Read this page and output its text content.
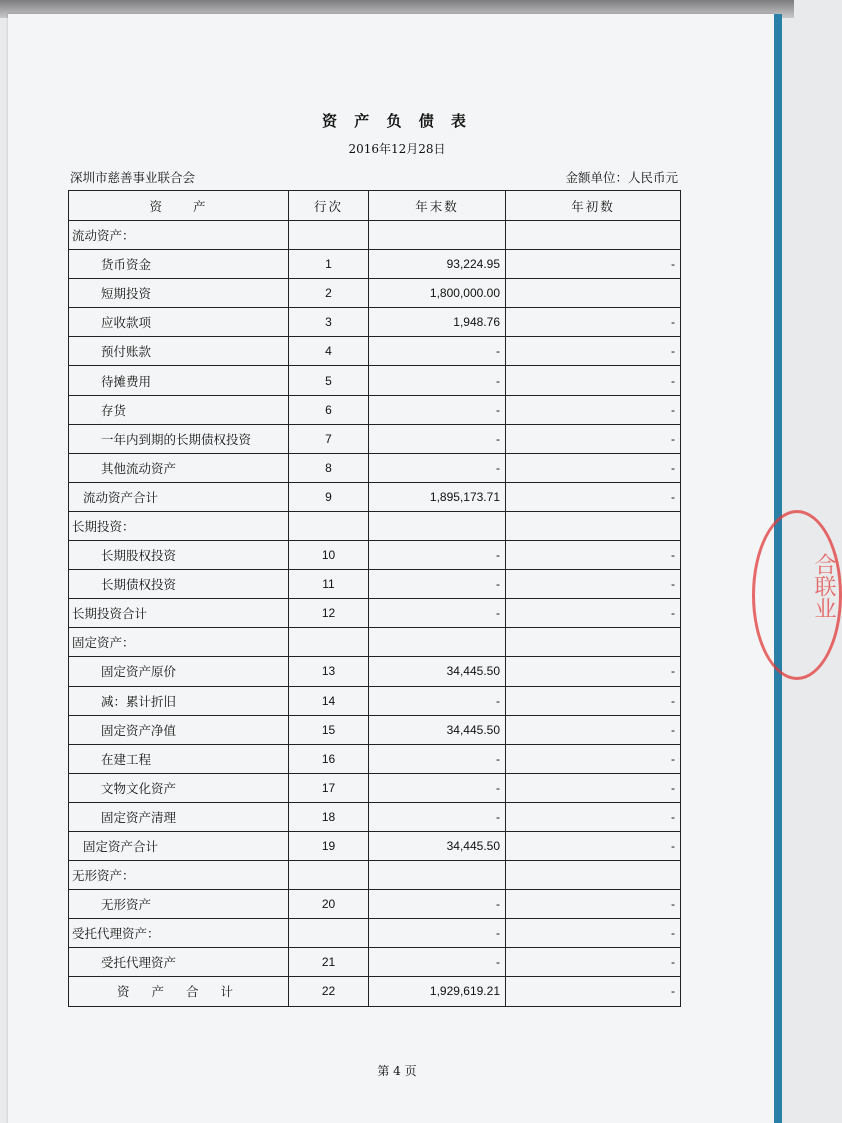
资 产 负 债 表
2016年12月28日
深圳市慈善事业联合会	金额单位：人民币元
资　　产	行次	年末数	年初数
流动资产：			
货币资金	1	93,224.95	-
短期投资	2	1,800,000.00	
应收款项	3	1,948.76	-
预付账款	4	-	-
待摊费用	5	-	-
存货	6	-	-
一年内到期的长期债权投资	7	-	-
其他流动资产	8	-	-
流动资产合计	9	1,895,173.71	-
长期投资：			
长期股权投资	10	-	-
长期债权投资	11	-	-
长期投资合计	12	-	-
固定资产：			
固定资产原价	13	34,445.50	-
减：累计折旧	14	-	-
固定资产净值	15	34,445.50	-
在建工程	16	-	-
文物文化资产	17	-	-
固定资产清理	18	-	-
固定资产合计	19	34,445.50	-
无形资产：			
无形资产	20	-	-
受托代理资产：		-	-
受托代理资产	21	-	-
资产合计	22	1,929,619.21	-
第 4 页
合联业
